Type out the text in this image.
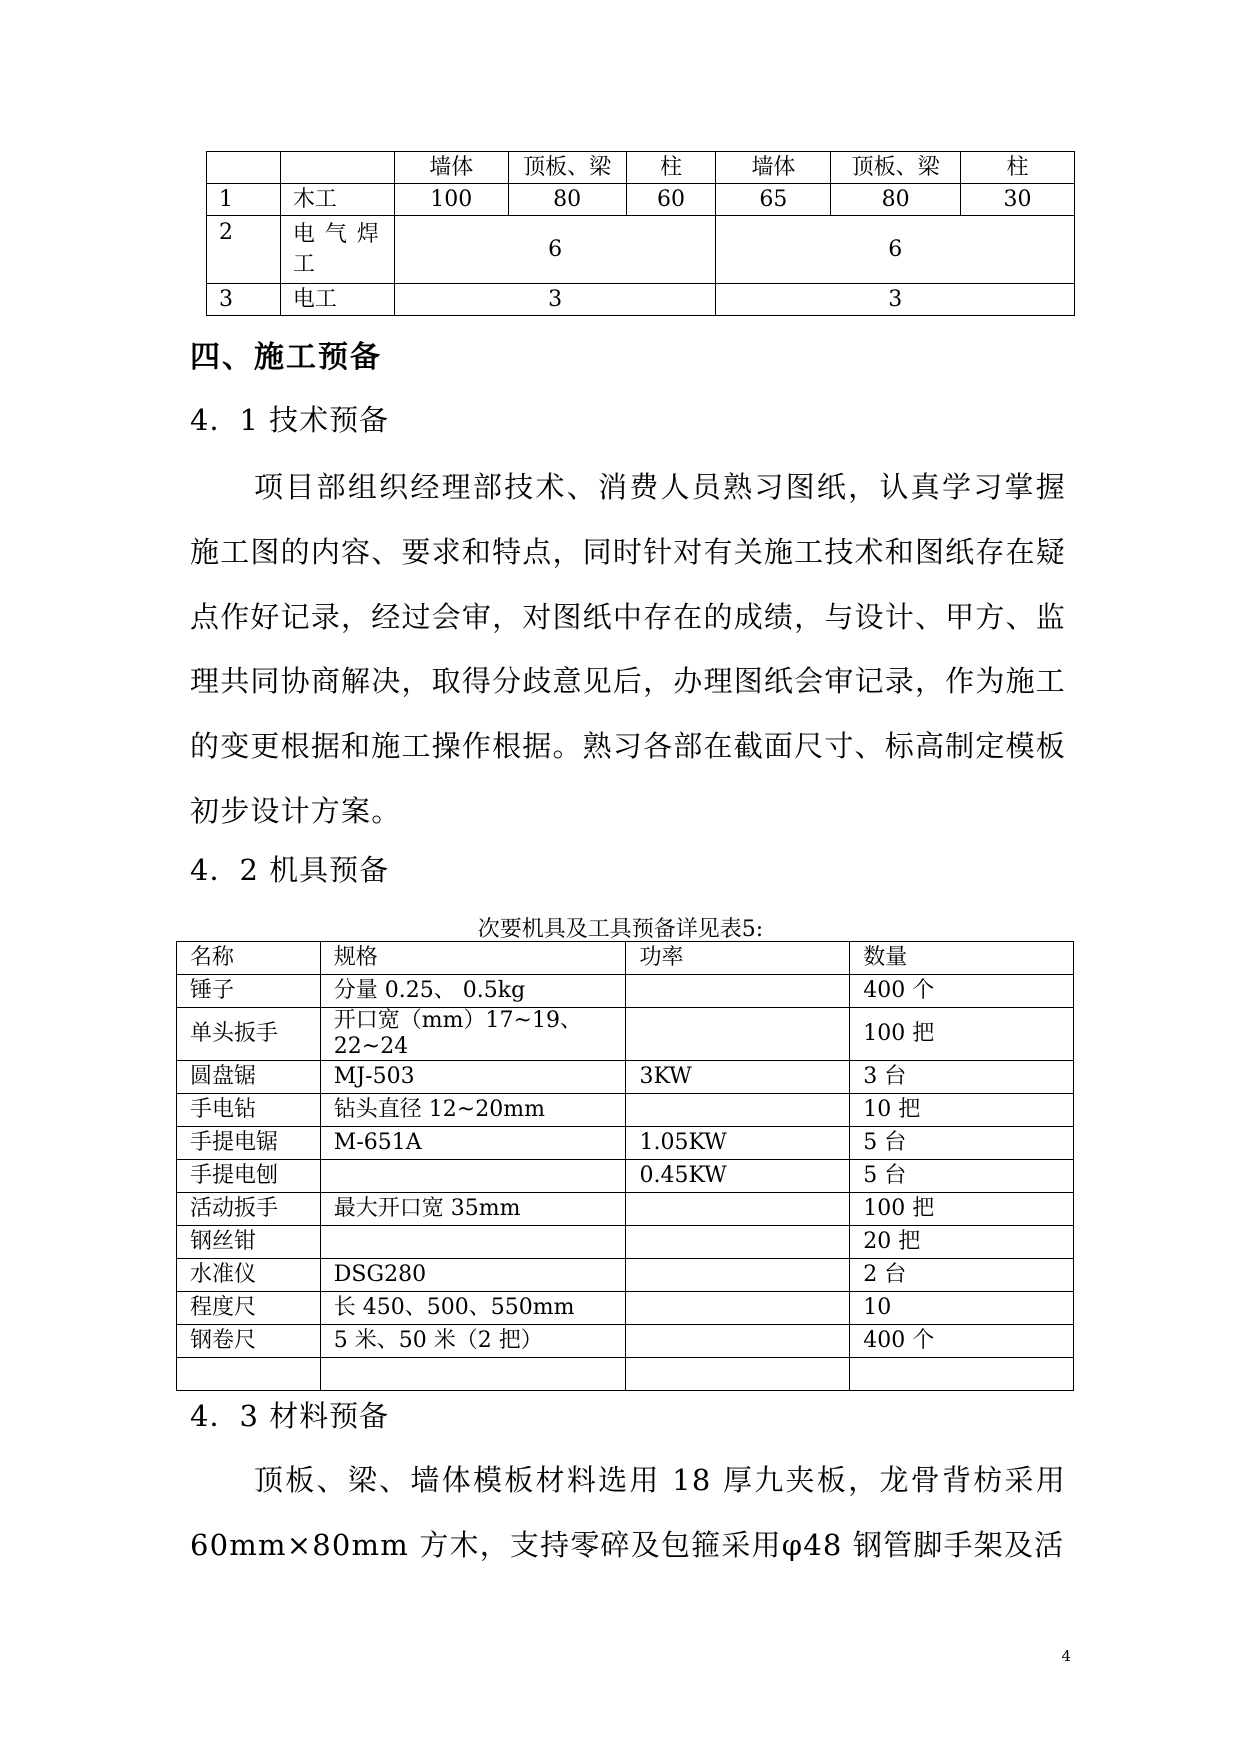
		墙体	顶板、梁	柱	墙体	顶板、梁	柱
1	木工	100	80	60	65	80	30
2	电气焊工	6			6		
3	电工	3			3		
四、施工预备
4．1 技术预备

项目部组织经理部技术、消费人员熟习图纸，认真学习掌握施工图的内容、要求和特点，同时针对有关施工技术和图纸存在疑点作好记录，经过会审，对图纸中存在的成绩，与设计、甲方、监理共同协商解决，取得分歧意见后，办理图纸会审记录，作为施工的变更根据和施工操作根据。熟习各部在截面尺寸、标高制定模板初步设计方案。

4．2 机具预备
次要机具及工具预备详见表5:
名称	规格	功率	数量
锤子	分量 0.25、 0.5kg		400 个
单头扳手	开口宽（mm）17~19、22~24		100 把
圆盘锯	MJ-503	3KW	3 台
手电钻	钻头直径 12~20mm		10 把
手提电锯	M-651A	1.05KW	5 台
手提电刨		0.45KW	5 台
活动扳手	最大开口宽 35mm		100 把
钢丝钳			20 把
水准仪	DSG280		2 台
程度尺	长 450、500、550mm		10
钢卷尺	5 米、50 米（2 把）		400 个

4．3 材料预备

顶板、梁、墙体模板材料选用 18 厚九夹板，龙骨背枋采用 60mm×80mm 方木，支持零碎及包箍采用φ48 钢管脚手架及活

4
